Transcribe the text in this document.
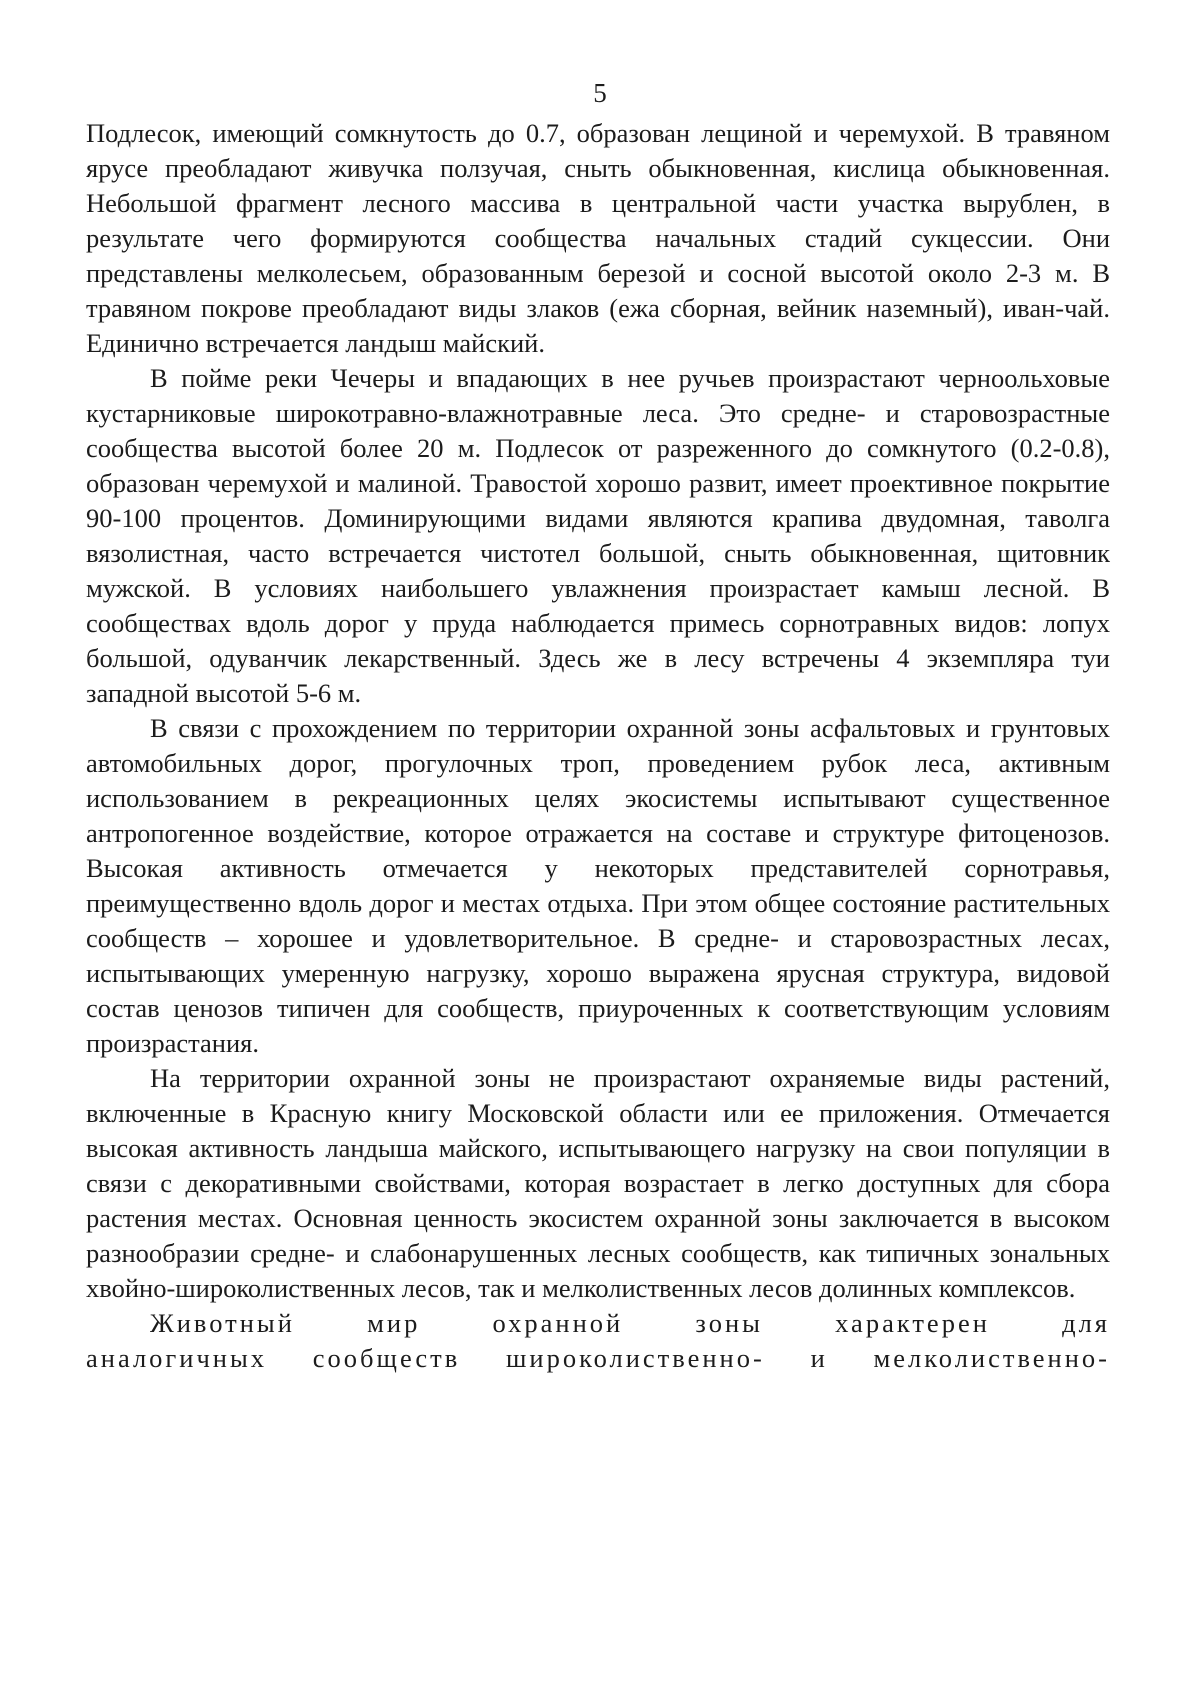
5

Подлесок, имеющий сомкнутость до 0.7, образован лещиной и черемухой. В травяном ярусе преобладают живучка ползучая, сныть обыкновенная, кислица обыкновенная. Небольшой фрагмент лесного массива в центральной части участка вырублен, в результате чего формируются сообщества начальных стадий сукцессии. Они представлены мелколесьем, образованным березой и сосной высотой около 2-3 м. В травяном покрове преобладают виды злаков (ежа сборная, вейник наземный), иван-чай. Единично встречается ландыш майский.

В пойме реки Чечеры и впадающих в нее ручьев произрастают черноольховые кустарниковые широкотравно-влажнотравные леса. Это средне- и старовозрастные сообщества высотой более 20 м. Подлесок от разреженного до сомкнутого (0.2-0.8), образован черемухой и малиной. Травостой хорошо развит, имеет проективное покрытие 90-100 процентов. Доминирующими видами являются крапива двудомная, таволга вязолистная, часто встречается чистотел большой, сныть обыкновенная, щитовник мужской. В условиях наибольшего увлажнения произрастает камыш лесной. В сообществах вдоль дорог у пруда наблюдается примесь сорнотравных видов: лопух большой, одуванчик лекарственный. Здесь же в лесу встречены 4 экземпляра туи западной высотой 5-6 м.

В связи с прохождением по территории охранной зоны асфальтовых и грунтовых автомобильных дорог, прогулочных троп, проведением рубок леса, активным использованием в рекреационных целях экосистемы испытывают существенное антропогенное воздействие, которое отражается на составе и структуре фитоценозов. Высокая активность отмечается у некоторых представителей сорнотравья, преимущественно вдоль дорог и местах отдыха. При этом общее состояние растительных сообществ – хорошее и удовлетворительное. В средне- и старовозрастных лесах, испытывающих умеренную нагрузку, хорошо выражена ярусная структура, видовой состав ценозов типичен для сообществ, приуроченных к соответствующим условиям произрастания.

На территории охранной зоны не произрастают охраняемые виды растений, включенные в Красную книгу Московской области или ее приложения. Отмечается высокая активность ландыша майского, испытывающего нагрузку на свои популяции в связи с декоративными свойствами, которая возрастает в легко доступных для сбора растения местах. Основная ценность экосистем охранной зоны заключается в высоком разнообразии средне- и слабонарушенных лесных сообществ, как типичных зональных хвойно-широколиственных лесов, так и мелколиственных лесов долинных комплексов.

Животный мир охранной зоны характерен для

аналогичных сообществ широколиственно- и мелколиственно-
